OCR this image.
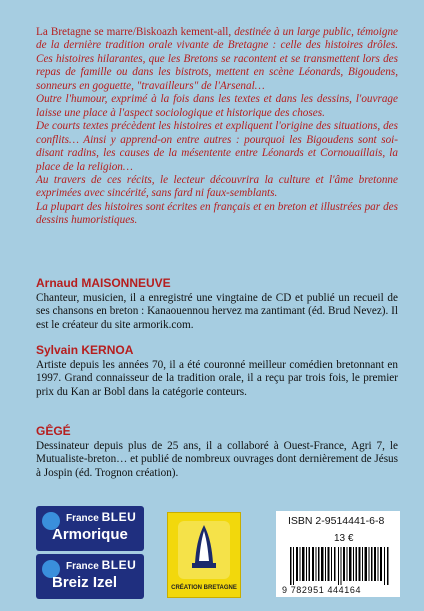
La Bretagne se marre/Biskoazh kement-all, destinée à un large public, témoigne de la dernière tradition orale vivante de Bretagne : celle des histoires drôles. Ces histoires hilarantes, que les Bretons se racontent et se transmettent lors des repas de famille ou dans les bistrots, mettent en scène Léonards, Bigoudens, sonneurs en goguette, "travailleurs" de l'Arsenal…

Outre l'humour, exprimé à la fois dans les textes et dans les dessins, l'ouvrage laisse une place à l'aspect sociologique et historique des choses.

De courts textes précèdent les histoires et expliquent l'origine des situations, des conflits… Ainsi y apprend-on entre autres : pourquoi les Bigoudens sont soi-disant radins, les causes de la mésentente entre Léonards et Cornouaillais, la place de la religion…

Au travers de ces récits, le lecteur découvrira la culture et l'âme bretonne exprimées avec sincérité, sans fard ni faux-semblants.

La plupart des histoires sont écrites en français et en breton et illustrées par des dessins humoristiques.

Arnaud MAISONNEUVE

Chanteur, musicien, il a enregistré une vingtaine de CD et publié un recueil de ses chansons en breton : Kanaouennou hervez ma zantimant (éd. Brud Nevez). Il est le créateur du site armorik.com.

Sylvain KERNOA

Artiste depuis les années 70, il a été couronné meilleur comédien bretonnant en 1997. Grand connaisseur de la tradition orale, il a reçu par trois fois, le premier prix du Kan ar Bobl dans la catégorie conteurs.

GÊGÉ

Dessinateur depuis plus de 25 ans, il a collaboré à Ouest-France, Agri 7, le Mutualiste-breton… et publié de nombreux ouvrages dont dernièrement de Jésus à Jospin (éd. Trognon création).

France BLEU
Armorique
France BLEU
Breiz Izel	CRÉATION BRETAGNE
ISBN 2-9514441-6-8
13 €
9 782951 444164
